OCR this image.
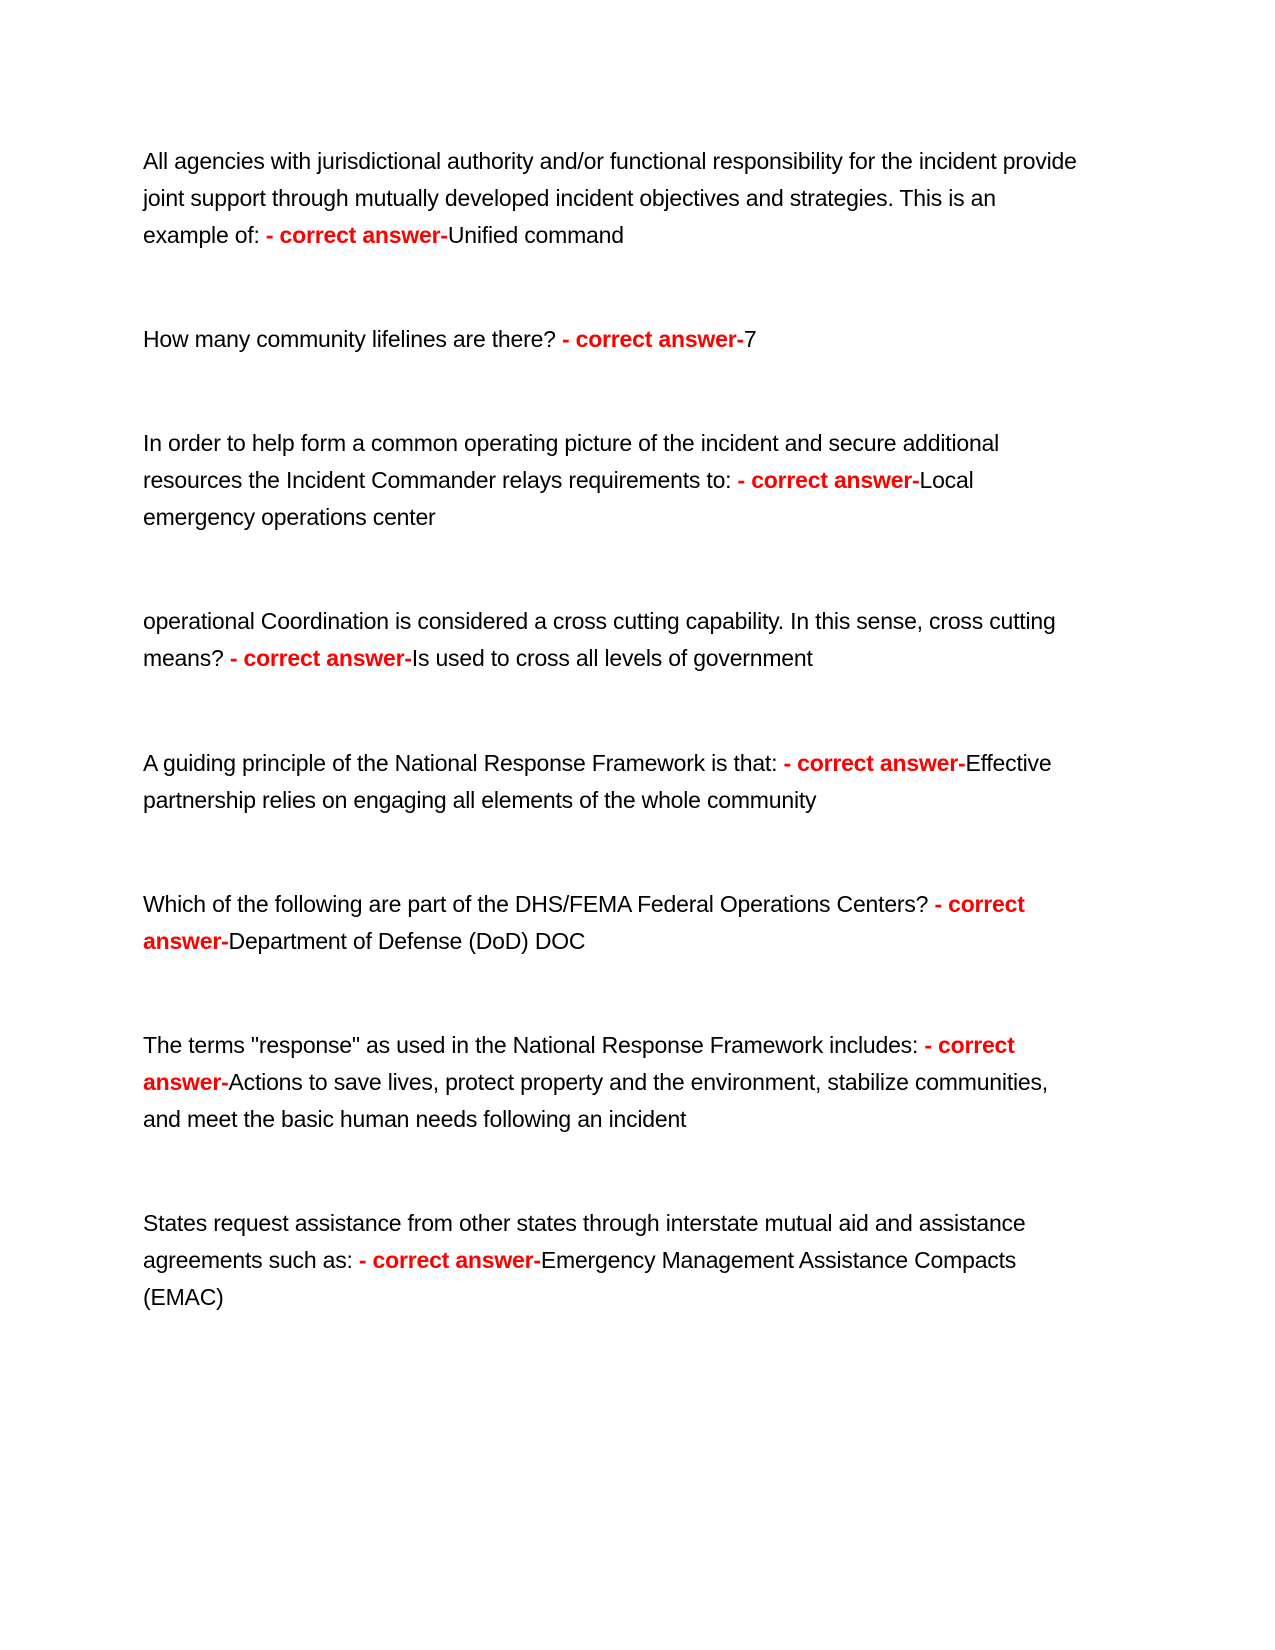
All agencies with jurisdictional authority and/or functional responsibility for the incident provide joint support through mutually developed incident objectives and strategies. This is an example of: - correct answer-Unified command

How many community lifelines are there? - correct answer-7

In order to help form a common operating picture of the incident and secure additional resources the Incident Commander relays requirements to: - correct answer-Local emergency operations center

operational Coordination is considered a cross cutting capability. In this sense, cross cutting means? - correct answer-Is used to cross all levels of government

A guiding principle of the National Response Framework is that: - correct answer-Effective partnership relies on engaging all elements of the whole community

Which of the following are part of the DHS/FEMA Federal Operations Centers? - correct answer-Department of Defense (DoD) DOC

The terms "response" as used in the National Response Framework includes: - correct answer-Actions to save lives, protect property and the environment, stabilize communities, and meet the basic human needs following an incident

States request assistance from other states through interstate mutual aid and assistance agreements such as: - correct answer-Emergency Management Assistance Compacts (EMAC)
